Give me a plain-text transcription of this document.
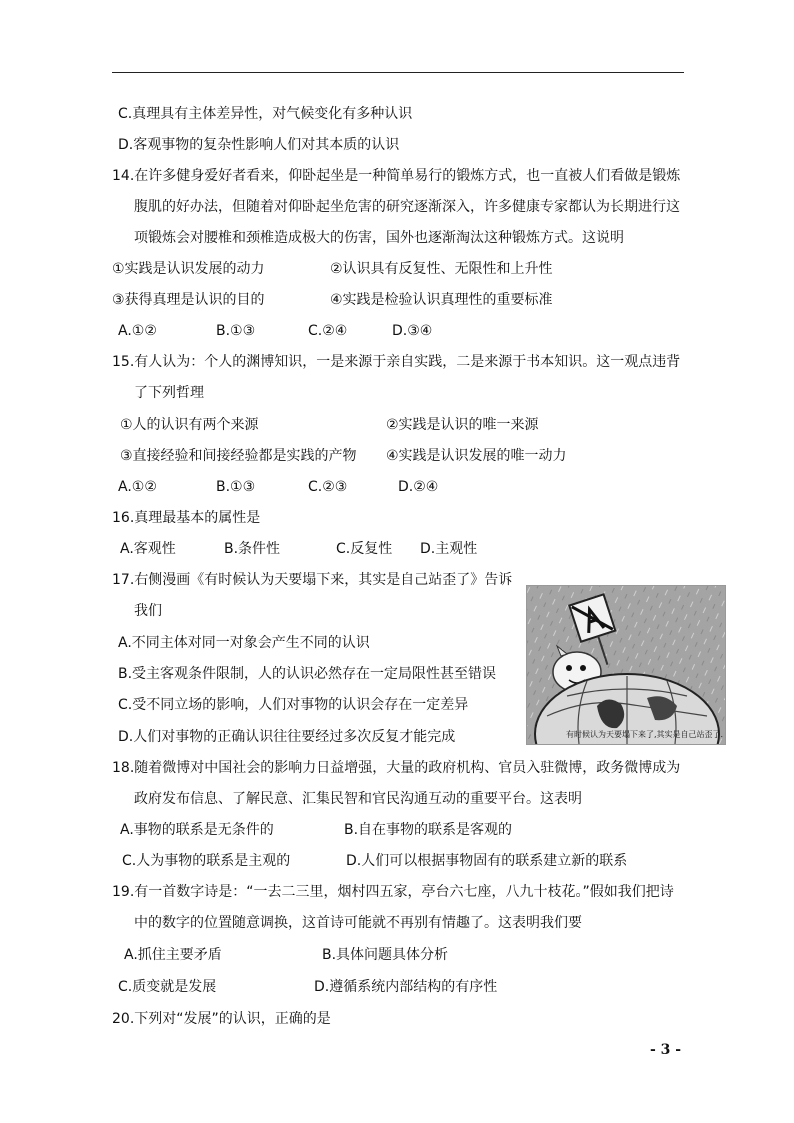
C.真理具有主体差异性，对气候变化有多种认识
D.客观事物的复杂性影响人们对其本质的认识
14.在许多健身爱好者看来，仰卧起坐是一种简单易行的锻炼方式，也一直被人们看做是锻炼
腹肌的好办法，但随着对仰卧起坐危害的研究逐渐深入，许多健康专家都认为长期进行这
项锻炼会对腰椎和颈椎造成极大的伤害，国外也逐渐淘汰这种锻炼方式。这说明
①实践是认识发展的动力	②认识具有反复性、无限性和上升性
③获得真理是认识的目的	④实践是检验认识真理性的重要标准
A.①②	B.①③	C.②④	D.③④
15.有人认为：个人的渊博知识，一是来源于亲自实践，二是来源于书本知识。这一观点违背
了下列哲理
①人的认识有两个来源	②实践是认识的唯一来源
③直接经验和间接经验都是实践的产物 ④实践是认识发展的唯一动力
A.①②	B.①③	C.②③	D.②④
16.真理最基本的属性是
A.客观性	B.条件性	C.反复性 D.主观性
17.右侧漫画《有时候认为天要塌下来，其实是自己站歪了》告诉
我们
A.不同主体对同一对象会产生不同的认识
B.受主客观条件限制，人的认识必然存在一定局限性甚至错误
C.受不同立场的影响，人们对事物的认识会存在一定差异
D.人们对事物的正确认识往往要经过多次反复才能完成	有时候认为天要塌下来了,其实是自己站歪了.
18.随着微博对中国社会的影响力日益增强，大量的政府机构、官员入驻微博，政务微博成为
政府发布信息、了解民意、汇集民智和官民沟通互动的重要平台。这表明
A.事物的联系是无条件的	B.自在事物的联系是客观的
C.人为事物的联系是主观的	D.人们可以根据事物固有的联系建立新的联系
19.有一首数字诗是：“一去二三里，烟村四五家，亭台六七座，八九十枝花。”假如我们把诗
中的数字的位置随意调换，这首诗可能就不再别有情趣了。这表明我们要
A.抓住主要矛盾	B.具体问题具体分析
C.质变就是发展	D.遵循系统内部结构的有序性
20.下列对“发展”的认识，正确的是
- 3 -
